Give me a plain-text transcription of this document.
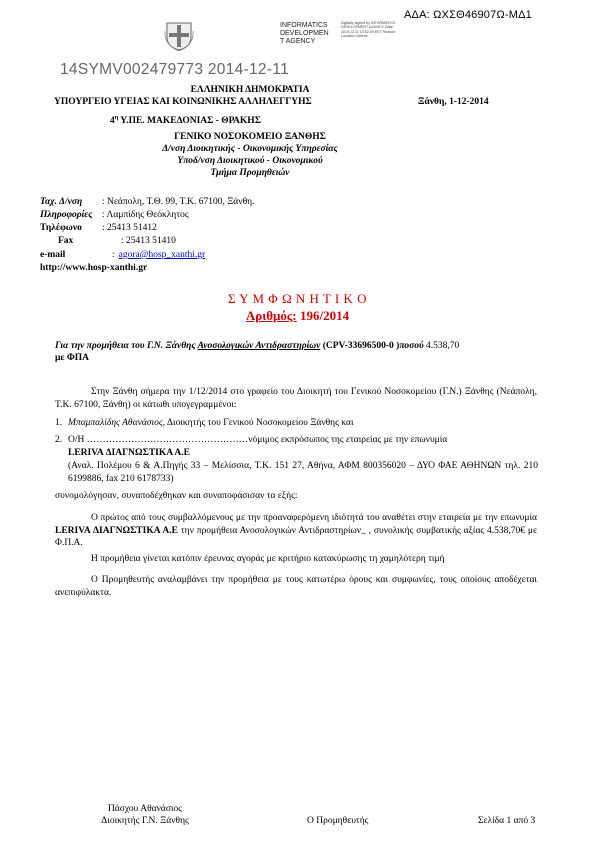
ΑΔΑ: ΩΧΣΘ46907Ω-ΜΔ1
INFORMATICS
DEVELOPMEN
T AGENCY
Digitally signed by INFORMATICS DEVELOPMENT AGENCY Date: 2014.12.11 13:52:05 EET Reason: Location: Athens
14SYMV002479773 2014-12-11
ΕΛΛΗΝΙΚΗ ΔΗΜΟΚΡΑΤΙΑ
ΥΠΟΥΡΓΕΙΟ ΥΓΕΙΑΣ ΚΑΙ ΚΟΙΝΩΝΙΚΗΣ ΑΛΛΗΛΕΓΓΥΗΣ	Ξάνθη, 1-12-2014
$4^\eta$ Υ.ΠΕ. ΜΑΚΕΔΟΝΙΑΣ - ΘΡΑΚΗΣ
ΓΕΝΙΚΟ ΝΟΣΟΚΟΜΕΙΟ ΞΑΝΘΗΣ
Δ/νση Διοικητικής - Οικονομικής Υπηρεσίας
Υποδ/νση Διοικητικού - Οικονομικού
Τμήμα Προμηθειών
Ταχ. Δ/νση : Νεάπολη, Τ.Θ. 99, Τ.Κ. 67100, Ξάνθη.
Πληροφορίες : Λαμπίδης Θεόκλητος
Τηλέφωνο : 25413 51412
Fax	: 25413 51410
e-mail	: agora@hosp_xanthi.gr
http://www.hosp-xanthi.gr
Σ Υ Μ Φ Ω Ν Η Τ Ι Κ Ο
Αριθμός: 196/2014
Για την προμήθεια του Γ.Ν. Ξάνθης Ανοσολογικών Αντιδραστηρίων (CPV-33696500-0 )ποσού 4.538,70
με ΦΠΑ
Στην Ξάνθη σήμερα την 1/12/2014 στο γραφείο του Διοικητή του Γενικού Νοσοκομείου (Γ.Ν.) Ξάνθης (Νεάπολη, Τ.Κ. 67100, Ξάνθη) οι κάτωθι υπογεγραμμένοι:
1. Μπαμπαλίδης Αθανάσιος, Διοικητής του Γενικού Νοσοκομείου Ξάνθης και
2. Ο/Η ……………………………………………νόμιμος εκπρόσωπος της εταιρείας με την επωνυμία
LERIVA ΔΙΑΓΝΩΣΤΙΚΑ Α.Ε
(Αναλ. Πολέμου 6 & Α.Πηγής 33 – Μελίσσια, Τ.Κ. 151 27, Αθήνα, ΑΦΜ 800356020 – ΔΥΟ ΦΑΕ ΑΘΗΝΩΝ τηλ. 210 6199886, fax 210 6178733)
συνομολόγησαν, συναποδέχθηκαν και συναποφάσισαν τα εξής:
Ο πρώτος από τους συμβαλλόμενους με την προαναφερόμενη ιδιότητά του αναθέτει στην εταιρεία με την επωνυμία LERIVA ΔΙΑΓΝΩΣΤΙΚΑ Α.Ε την προμήθεια Ανοσολογικών Αντιδραστηρίων_ , συνολικής συμβατικής αξίας 4.538,70€ με Φ.Π.Α.
Η προμήθεια γίνεται κατόπιν έρευνας αγοράς με κριτήριο κατακύρωσης τη χαμηλότερη τιμή
Ο Προμηθευτής αναλαμβάνει την προμήθεια με τους κατωτέρω όρους και συμφωνίες, τους οποίους αποδέχεται ανεπιφύλακτα.
Πάσχου Αθανάσιος
Διοικητής Γ.Ν. Ξάνθης	Ο Προμηθευτής	Σελίδα 1 από 3
